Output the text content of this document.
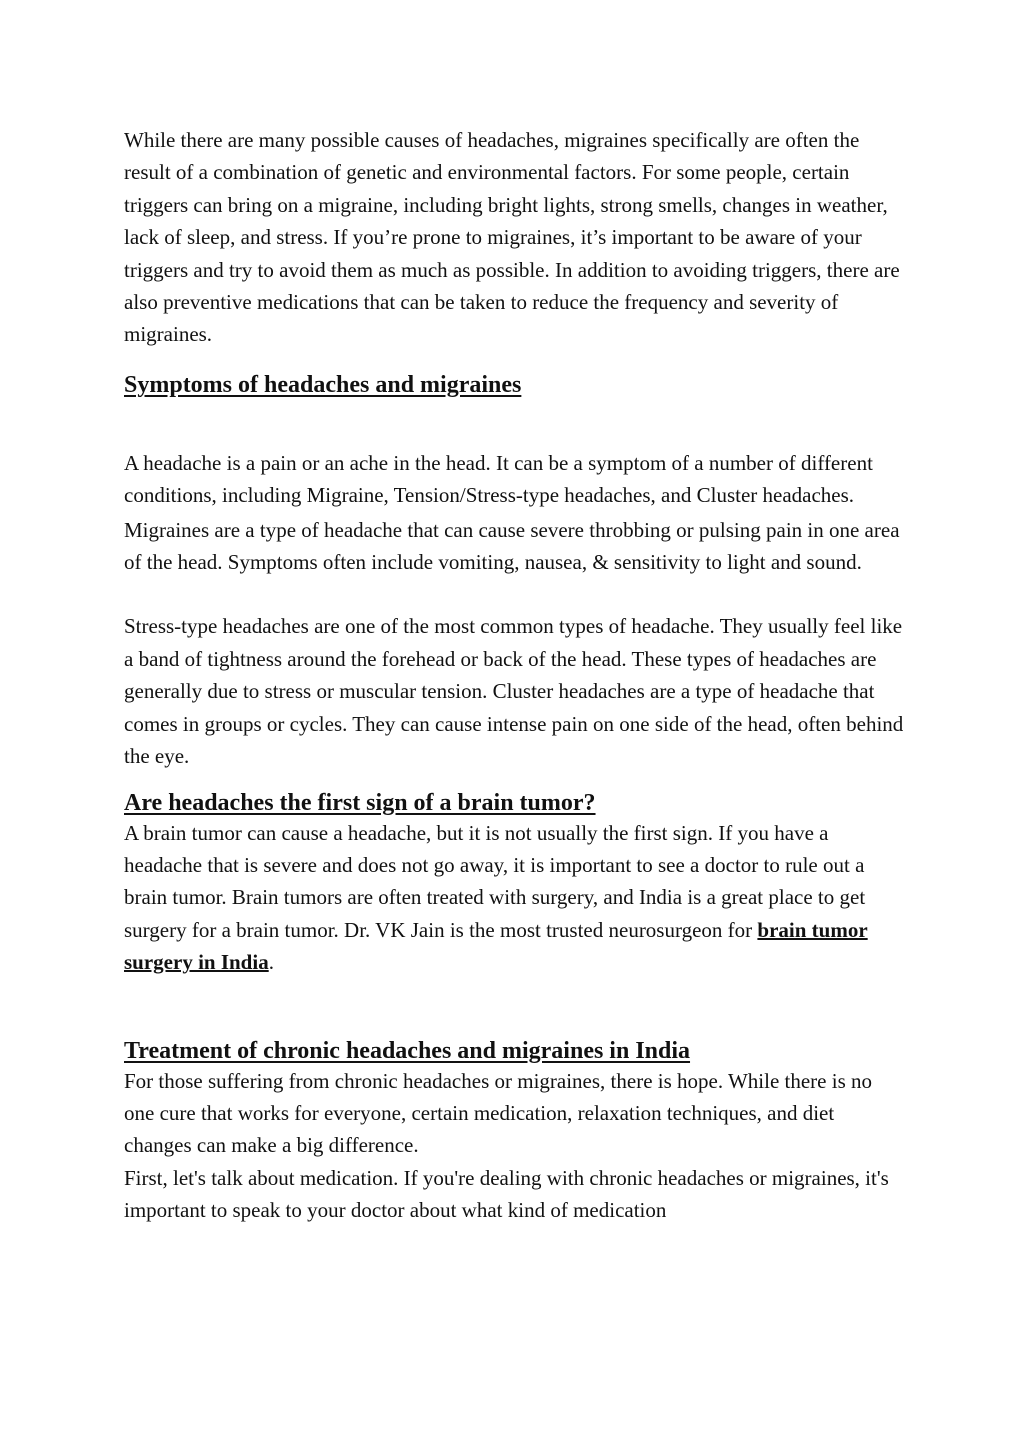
While there are many possible causes of headaches, migraines specifically are often the result of a combination of genetic and environmental factors. For some people, certain triggers can bring on a migraine, including bright lights, strong smells, changes in weather, lack of sleep, and stress. If you’re prone to migraines, it’s important to be aware of your triggers and try to avoid them as much as possible. In addition to avoiding triggers, there are also preventive medications that can be taken to reduce the frequency and severity of migraines.

Symptoms of headaches and migraines

A headache is a pain or an ache in the head. It can be a symptom of a number of different conditions, including Migraine, Tension/Stress-type headaches, and Cluster headaches.

Migraines are a type of headache that can cause severe throbbing or pulsing pain in one area of the head. Symptoms often include vomiting, nausea, & sensitivity to light and sound.

Stress-type headaches are one of the most common types of headache. They usually feel like a band of tightness around the forehead or back of the head. These types of headaches are generally due to stress or muscular tension. Cluster headaches are a type of headache that comes in groups or cycles. They can cause intense pain on one side of the head, often behind the eye.

Are headaches the first sign of a brain tumor?

A brain tumor can cause a headache, but it is not usually the first sign. If you have a headache that is severe and does not go away, it is important to see a doctor to rule out a brain tumor. Brain tumors are often treated with surgery, and India is a great place to get surgery for a brain tumor. Dr. VK Jain is the most trusted neurosurgeon for brain tumor surgery in India.

Treatment of chronic headaches and migraines in India

For those suffering from chronic headaches or migraines, there is hope. While there is no one cure that works for everyone, certain medication, relaxation techniques, and diet changes can make a big difference.

First, let's talk about medication. If you're dealing with chronic headaches or migraines, it's important to speak to your doctor about what kind of medication
